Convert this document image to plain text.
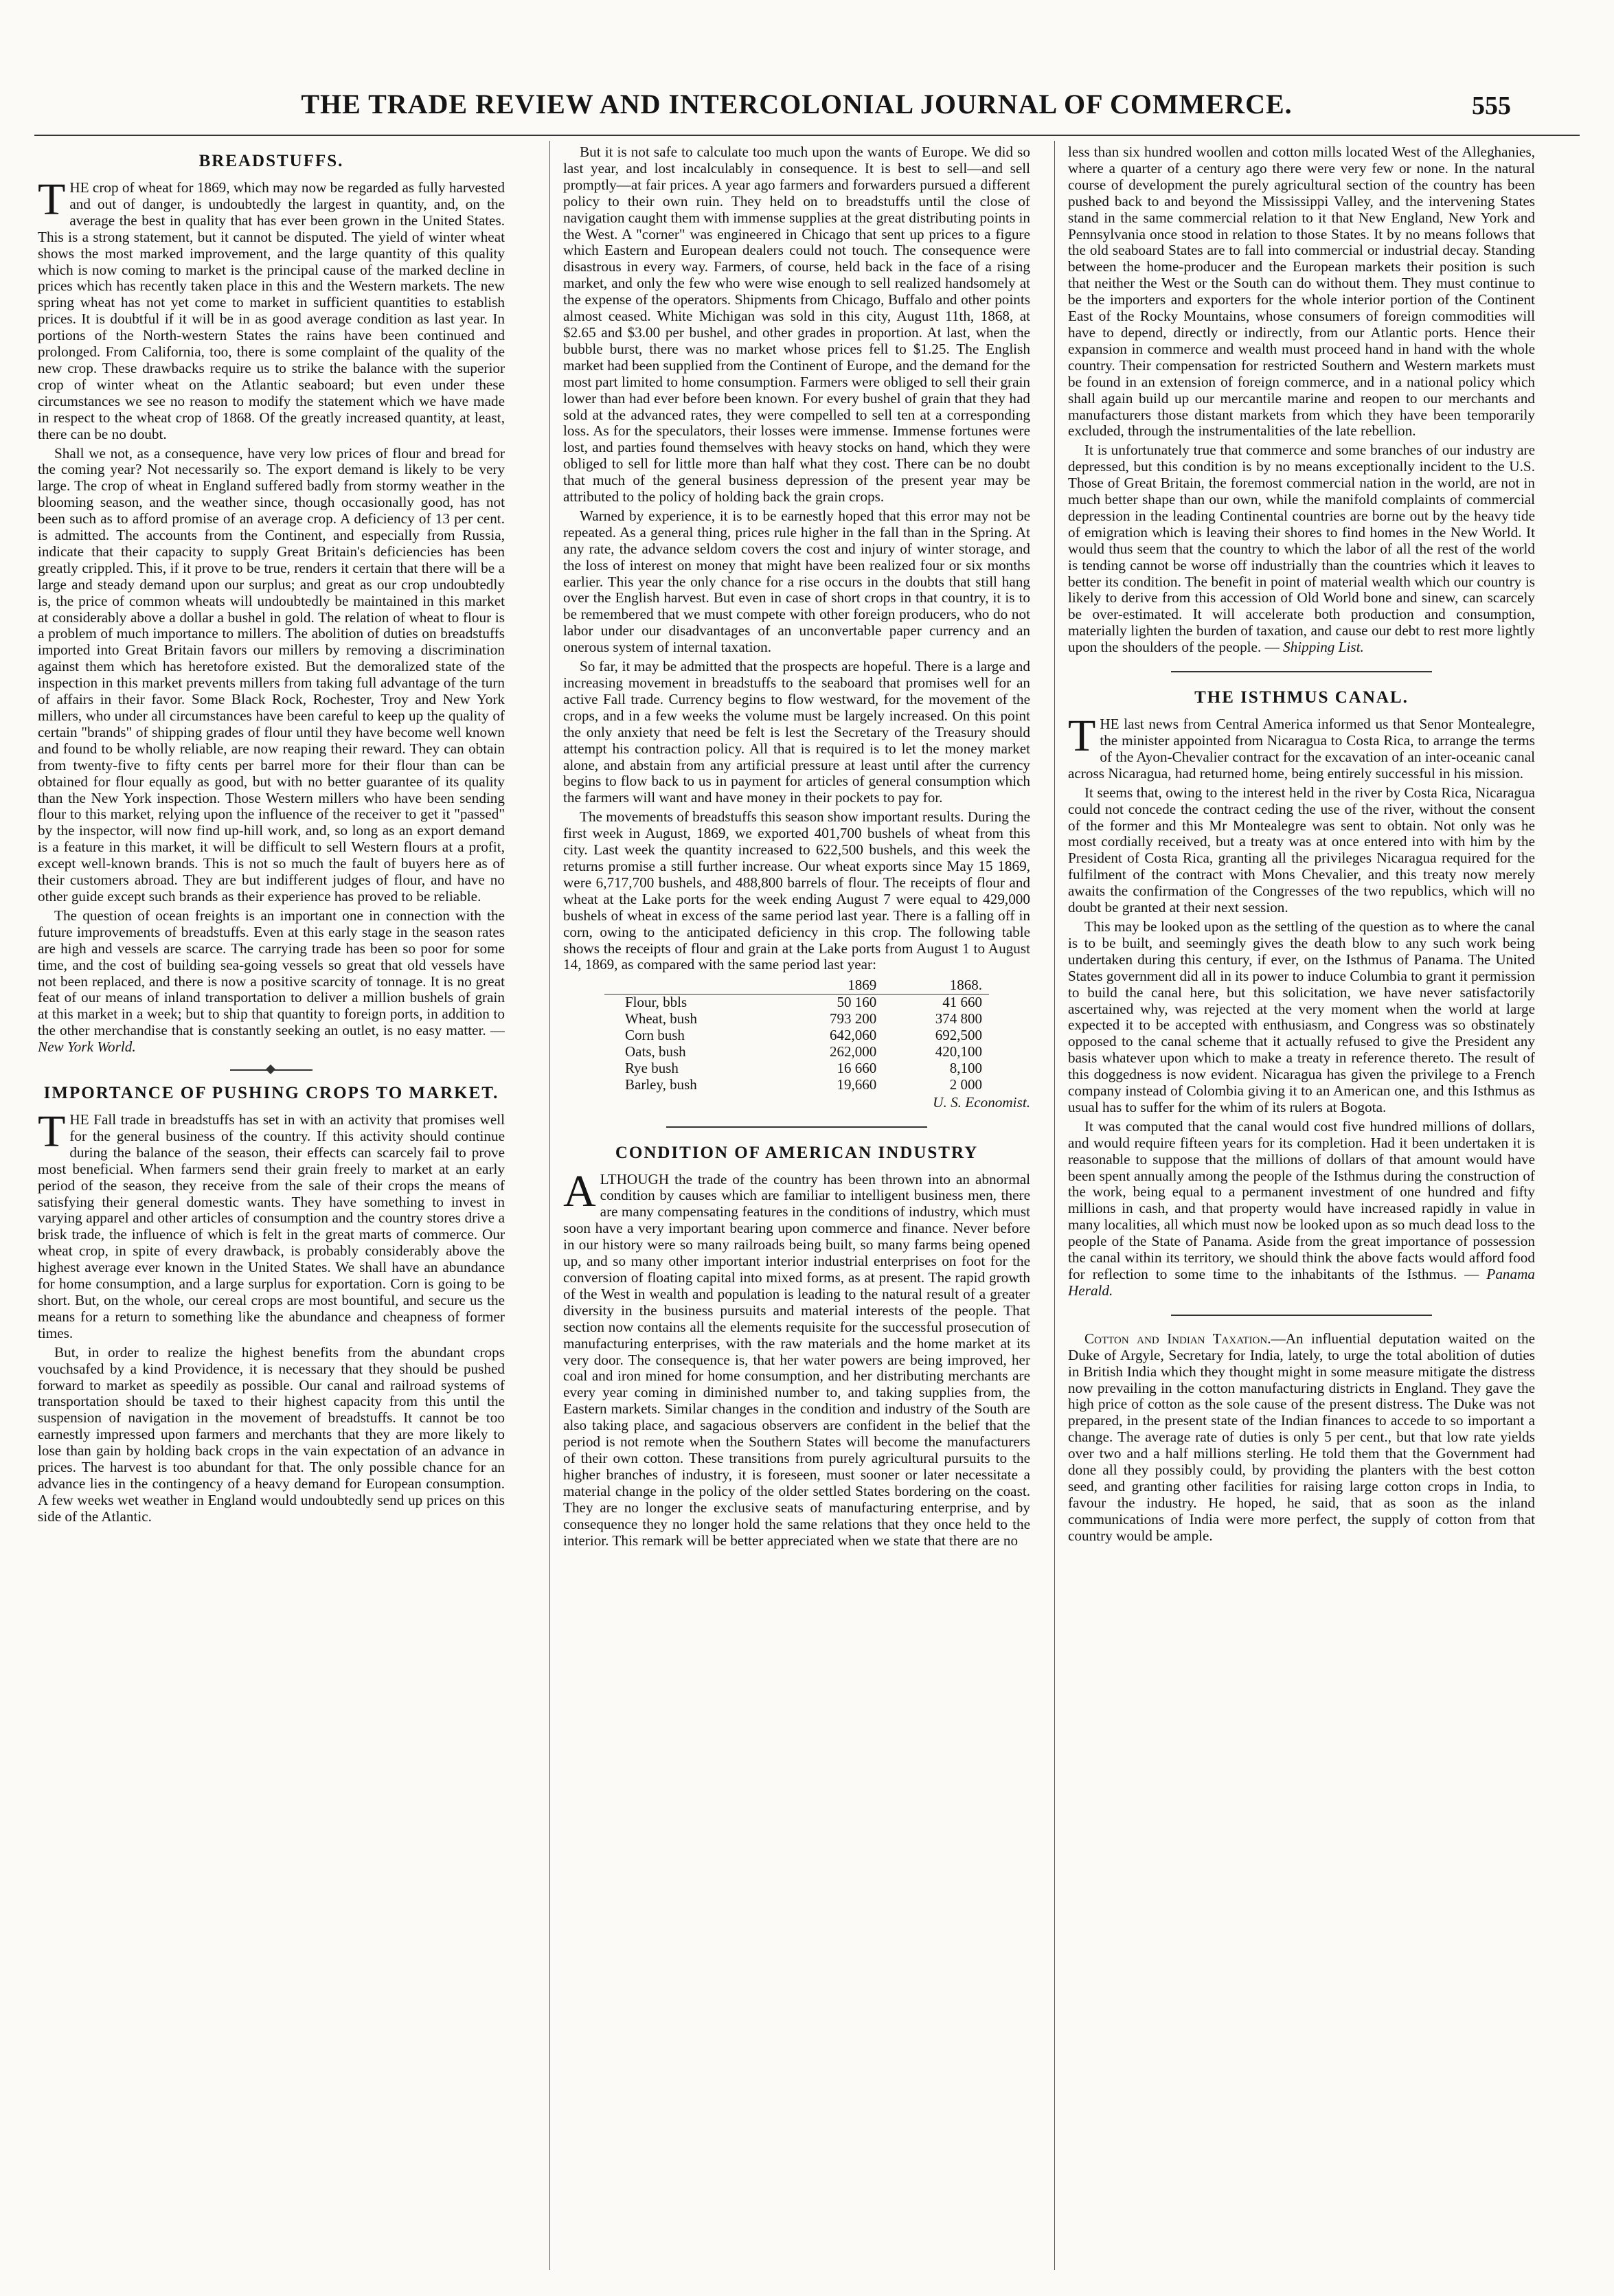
THE TRADE REVIEW AND INTERCOLONIAL JOURNAL OF COMMERCE.	555
BREADSTUFFS.

THE crop of wheat for 1869, which may now be regarded as fully harvested and out of danger, is undoubtedly the largest in quantity, and, on the average the best in quality that has ever been grown in the United States. This is a strong statement, but it cannot be disputed. The yield of winter wheat shows the most marked improvement, and the large quantity of this quality which is now coming to market is the principal cause of the marked decline in prices which has recently taken place in this and the Western markets. The new spring wheat has not yet come to market in sufficient quantities to establish prices. It is doubtful if it will be in as good average condition as last year. In portions of the North-western States the rains have been continued and prolonged. From California, too, there is some complaint of the quality of the new crop. These drawbacks require us to strike the balance with the superior crop of winter wheat on the Atlantic seaboard; but even under these circumstances we see no reason to modify the statement which we have made in respect to the wheat crop of 1868. Of the greatly increased quantity, at least, there can be no doubt.

Shall we not, as a consequence, have very low prices of flour and bread for the coming year? Not necessarily so. The export demand is likely to be very large. The crop of wheat in England suffered badly from stormy weather in the blooming season, and the weather since, though occasionally good, has not been such as to afford promise of an average crop. A deficiency of 13 per cent. is admitted. The accounts from the Continent, and especially from Russia, indicate that their capacity to supply Great Britain's deficiencies has been greatly crippled. This, if it prove to be true, renders it certain that there will be a large and steady demand upon our surplus; and great as our crop undoubtedly is, the price of common wheats will undoubtedly be maintained in this market at considerably above a dollar a bushel in gold. The relation of wheat to flour is a problem of much importance to millers. The abolition of duties on breadstuffs imported into Great Britain favors our millers by removing a discrimination against them which has heretofore existed. But the demoralized state of the inspection in this market prevents millers from taking full advantage of the turn of affairs in their favor. Some Black Rock, Rochester, Troy and New York millers, who under all circumstances have been careful to keep up the quality of certain "brands" of shipping grades of flour until they have become well known and found to be wholly reliable, are now reaping their reward. They can obtain from twenty-five to fifty cents per barrel more for their flour than can be obtained for flour equally as good, but with no better guarantee of its quality than the New York inspection. Those Western millers who have been sending flour to this market, relying upon the influence of the receiver to get it "passed" by the inspector, will now find up-hill work, and, so long as an export demand is a feature in this market, it will be difficult to sell Western flours at a profit, except well-known brands. This is not so much the fault of buyers here as of their customers abroad. They are but indifferent judges of flour, and have no other guide except such brands as their experience has proved to be reliable.

The question of ocean freights is an important one in connection with the future improvements of breadstuffs. Even at this early stage in the season rates are high and vessels are scarce. The carrying trade has been so poor for some time, and the cost of building sea-going vessels so great that old vessels have not been replaced, and there is now a positive scarcity of tonnage. It is no great feat of our means of inland transportation to deliver a million bushels of grain at this market in a week; but to ship that quantity to foreign ports, in addition to the other merchandise that is constantly seeking an outlet, is no easy matter. — New York World.

IMPORTANCE OF PUSHING CROPS TO MARKET.

THE Fall trade in breadstuffs has set in with an activity that promises well for the general business of the country. If this activity should continue during the balance of the season, their effects can scarcely fail to prove most beneficial. When farmers send their grain freely to market at an early period of the season, they receive from the sale of their crops the means of satisfying their general domestic wants. They have something to invest in varying apparel and other articles of consumption and the country stores drive a brisk trade, the influence of which is felt in the great marts of commerce. Our wheat crop, in spite of every drawback, is probably considerably above the highest average ever known in the United States. We shall have an abundance for home consumption, and a large surplus for exportation. Corn is going to be short. But, on the whole, our cereal crops are most bountiful, and secure us the means for a return to something like the abundance and cheapness of former times.

But, in order to realize the highest benefits from the abundant crops vouchsafed by a kind Providence, it is necessary that they should be pushed forward to market as speedily as possible. Our canal and railroad systems of transportation should be taxed to their highest capacity from this until the suspension of navigation in the movement of breadstuffs. It cannot be too earnestly impressed upon farmers and merchants that they are more likely to lose than gain by holding back crops in the vain expectation of an advance in prices. The harvest is too abundant for that. The only possible chance for an advance lies in the contingency of a heavy demand for European consumption. A few weeks wet weather in England would undoubtedly send up prices on this side of the Atlantic.

But it is not safe to calculate too much upon the wants of Europe. We did so last year, and lost incalculably in consequence. It is best to sell—and sell promptly—at fair prices. A year ago farmers and forwarders pursued a different policy to their own ruin. They held on to breadstuffs until the close of navigation caught them with immense supplies at the great distributing points in the West. A "corner" was engineered in Chicago that sent up prices to a figure which Eastern and European dealers could not touch. The consequence were disastrous in every way. Farmers, of course, held back in the face of a rising market, and only the few who were wise enough to sell realized handsomely at the expense of the operators. Shipments from Chicago, Buffalo and other points almost ceased. White Michigan was sold in this city, August 11th, 1868, at $2.65 and $3.00 per bushel, and other grades in proportion. At last, when the bubble burst, there was no market whose prices fell to $1.25. The English market had been supplied from the Continent of Europe, and the demand for the most part limited to home consumption. Farmers were obliged to sell their grain lower than had ever before been known. For every bushel of grain that they had sold at the advanced rates, they were compelled to sell ten at a corresponding loss. As for the speculators, their losses were immense. Immense fortunes were lost, and parties found themselves with heavy stocks on hand, which they were obliged to sell for little more than half what they cost. There can be no doubt that much of the general business depression of the present year may be attributed to the policy of holding back the grain crops.

Warned by experience, it is to be earnestly hoped that this error may not be repeated. As a general thing, prices rule higher in the fall than in the Spring. At any rate, the advance seldom covers the cost and injury of winter storage, and the loss of interest on money that might have been realized four or six months earlier. This year the only chance for a rise occurs in the doubts that still hang over the English harvest. But even in case of short crops in that country, it is to be remembered that we must compete with other foreign producers, who do not labor under our disadvantages of an unconvertable paper currency and an onerous system of internal taxation.

So far, it may be admitted that the prospects are hopeful. There is a large and increasing movement in breadstuffs to the seaboard that promises well for an active Fall trade. Currency begins to flow westward, for the movement of the crops, and in a few weeks the volume must be largely increased. On this point the only anxiety that need be felt is lest the Secretary of the Treasury should attempt his contraction policy. All that is required is to let the money market alone, and abstain from any artificial pressure at least until after the currency begins to flow back to us in payment for articles of general consumption which the farmers will want and have money in their pockets to pay for.

The movements of breadstuffs this season show important results. During the first week in August, 1869, we exported 401,700 bushels of wheat from this city. Last week the quantity increased to 622,500 bushels, and this week the returns promise a still further increase. Our wheat exports since May 15 1869, were 6,717,700 bushels, and 488,800 barrels of flour. The receipts of flour and wheat at the Lake ports for the week ending August 7 were equal to 429,000 bushels of wheat in excess of the same period last year. There is a falling off in corn, owing to the anticipated deficiency in this crop. The following table shows the receipts of flour and grain at the Lake ports from August 1 to August 14, 1869, as compared with the same period last year:

	1869	1868.
Flour, bbls	50 160	41 660
Wheat, bush	793 200	374 800
Corn bush	642,060	692,500
Oats, bush	262,000	420,100
Rye bush	16 660	8,100
Barley, bush	19,660	2 000
U. S. Economist.
CONDITION OF AMERICAN INDUSTRY

ALTHOUGH the trade of the country has been thrown into an abnormal condition by causes which are familiar to intelligent business men, there are many compensating features in the conditions of industry, which must soon have a very important bearing upon commerce and finance. Never before in our history were so many railroads being built, so many farms being opened up, and so many other important interior industrial enterprises on foot for the conversion of floating capital into mixed forms, as at present. The rapid growth of the West in wealth and population is leading to the natural result of a greater diversity in the business pursuits and material interests of the people. That section now contains all the elements requisite for the successful prosecution of manufacturing enterprises, with the raw materials and the home market at its very door. The consequence is, that her water powers are being improved, her coal and iron mined for home consumption, and her distributing merchants are every year coming in diminished number to, and taking supplies from, the Eastern markets. Similar changes in the condition and industry of the South are also taking place, and sagacious observers are confident in the belief that the period is not remote when the Southern States will become the manufacturers of their own cotton. These transitions from purely agricultural pursuits to the higher branches of industry, it is foreseen, must sooner or later necessitate a material change in the policy of the older settled States bordering on the coast. They are no longer the exclusive seats of manufacturing enterprise, and by consequence they no longer hold the same relations that they once held to the interior. This remark will be better appreciated when we state that there are no

less than six hundred woollen and cotton mills located West of the Alleghanies, where a quarter of a century ago there were very few or none. In the natural course of development the purely agricultural section of the country has been pushed back to and beyond the Mississippi Valley, and the intervening States stand in the same commercial relation to it that New England, New York and Pennsylvania once stood in relation to those States. It by no means follows that the old seaboard States are to fall into commercial or industrial decay. Standing between the home-producer and the European markets their position is such that neither the West or the South can do without them. They must continue to be the importers and exporters for the whole interior portion of the Continent East of the Rocky Mountains, whose consumers of foreign commodities will have to depend, directly or indirectly, from our Atlantic ports. Hence their expansion in commerce and wealth must proceed hand in hand with the whole country. Their compensation for restricted Southern and Western markets must be found in an extension of foreign commerce, and in a national policy which shall again build up our mercantile marine and reopen to our merchants and manufacturers those distant markets from which they have been temporarily excluded, through the instrumentalities of the late rebellion.

It is unfortunately true that commerce and some branches of our industry are depressed, but this condition is by no means exceptionally incident to the U.S. Those of Great Britain, the foremost commercial nation in the world, are not in much better shape than our own, while the manifold complaints of commercial depression in the leading Continental countries are borne out by the heavy tide of emigration which is leaving their shores to find homes in the New World. It would thus seem that the country to which the labor of all the rest of the world is tending cannot be worse off industrially than the countries which it leaves to better its condition. The benefit in point of material wealth which our country is likely to derive from this accession of Old World bone and sinew, can scarcely be over-estimated. It will accelerate both production and consumption, materially lighten the burden of taxation, and cause our debt to rest more lightly upon the shoulders of the people. — Shipping List.

THE ISTHMUS CANAL.

THE last news from Central America informed us that Senor Montealegre, the minister appointed from Nicaragua to Costa Rica, to arrange the terms of the Ayon-Chevalier contract for the excavation of an inter-oceanic canal across Nicaragua, had returned home, being entirely successful in his mission.

It seems that, owing to the interest held in the river by Costa Rica, Nicaragua could not concede the contract ceding the use of the river, without the consent of the former and this Mr Montealegre was sent to obtain. Not only was he most cordially received, but a treaty was at once entered into with him by the President of Costa Rica, granting all the privileges Nicaragua required for the fulfilment of the contract with Mons Chevalier, and this treaty now merely awaits the confirmation of the Congresses of the two republics, which will no doubt be granted at their next session.

This may be looked upon as the settling of the question as to where the canal is to be built, and seemingly gives the death blow to any such work being undertaken during this century, if ever, on the Isthmus of Panama. The United States government did all in its power to induce Columbia to grant it permission to build the canal here, but this solicitation, we have never satisfactorily ascertained why, was rejected at the very moment when the world at large expected it to be accepted with enthusiasm, and Congress was so obstinately opposed to the canal scheme that it actually refused to give the President any basis whatever upon which to make a treaty in reference thereto. The result of this doggedness is now evident. Nicaragua has given the privilege to a French company instead of Colombia giving it to an American one, and this Isthmus as usual has to suffer for the whim of its rulers at Bogota.

It was computed that the canal would cost five hundred millions of dollars, and would require fifteen years for its completion. Had it been undertaken it is reasonable to suppose that the millions of dollars of that amount would have been spent annually among the people of the Isthmus during the construction of the work, being equal to a permanent investment of one hundred and fifty millions in cash, and that property would have increased rapidly in value in many localities, all which must now be looked upon as so much dead loss to the people of the State of Panama. Aside from the great importance of possession the canal within its territory, we should think the above facts would afford food for reflection to some time to the inhabitants of the Isthmus. — Panama Herald.

Cotton and Indian Taxation.—An influential deputation waited on the Duke of Argyle, Secretary for India, lately, to urge the total abolition of duties in British India which they thought might in some measure mitigate the distress now prevailing in the cotton manufacturing districts in England. They gave the high price of cotton as the sole cause of the present distress. The Duke was not prepared, in the present state of the Indian finances to accede to so important a change. The average rate of duties is only 5 per cent., but that low rate yields over two and a half millions sterling. He told them that the Government had done all they possibly could, by providing the planters with the best cotton seed, and granting other facilities for raising large cotton crops in India, to favour the industry. He hoped, he said, that as soon as the inland communications of India were more perfect, the supply of cotton from that country would be ample.
